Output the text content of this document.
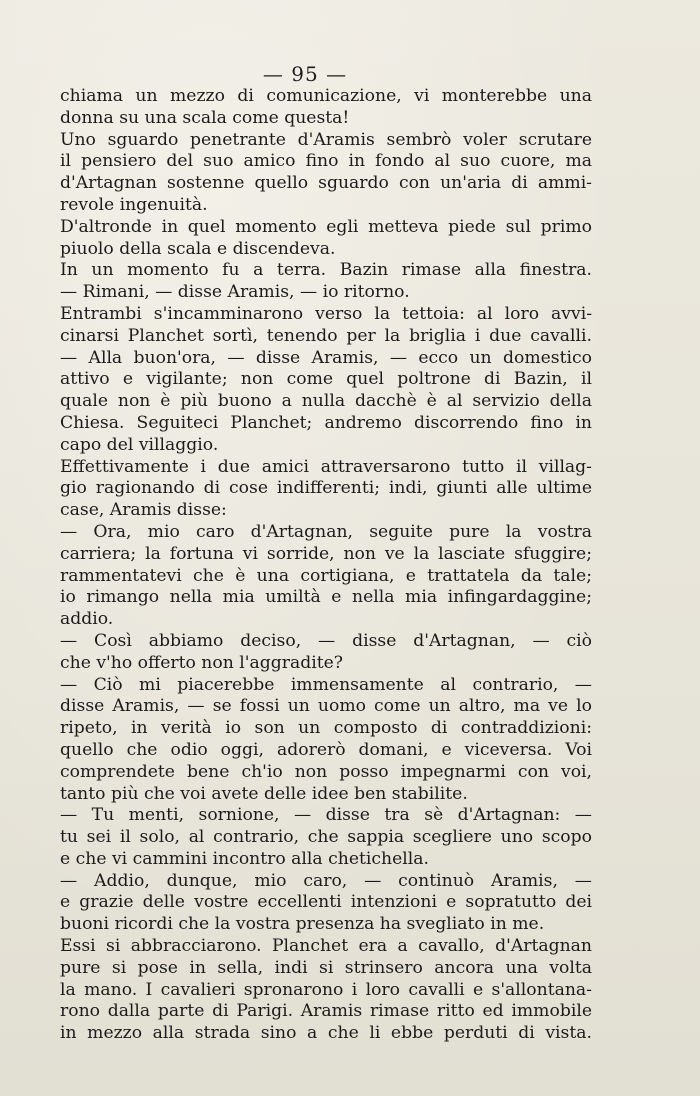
— 95 —
chiama un mezzo di comunicazione, vi monterebbe una
donna su una scala come questa!
Uno sguardo penetrante d'Aramis sembrò voler scrutare
il pensiero del suo amico fino in fondo al suo cuore, ma
d'Artagnan sostenne quello sguardo con un'aria di ammi-
revole ingenuità.
D'altronde in quel momento egli metteva piede sul primo
piuolo della scala e discendeva.
In un momento fu a terra. Bazin rimase alla finestra.
— Rimani, — disse Aramis, — io ritorno.
Entrambi s'incamminarono verso la tettoia: al loro avvi-
cinarsi Planchet sortì, tenendo per la briglia i due cavalli.
— Alla buon'ora, — disse Aramis, — ecco un domestico
attivo e vigilante; non come quel poltrone di Bazin, il
quale non è più buono a nulla dacchè è al servizio della
Chiesa. Seguiteci Planchet; andremo discorrendo fino in
capo del villaggio.
Effettivamente i due amici attraversarono tutto il villag-
gio ragionando di cose indifferenti; indi, giunti alle ultime
case, Aramis disse:
— Ora, mio caro d'Artagnan, seguite pure la vostra
carriera; la fortuna vi sorride, non ve la lasciate sfuggire;
rammentatevi che è una cortigiana, e trattatela da tale;
io rimango nella mia umiltà e nella mia infingardaggine;
addio.
— Così abbiamo deciso, — disse d'Artagnan, — ciò
che v'ho offerto non l'aggradite?
— Ciò mi piacerebbe immensamente al contrario, —
disse Aramis, — se fossi un uomo come un altro, ma ve lo
ripeto, in verità io son un composto di contraddizioni:
quello che odio oggi, adorerò domani, e viceversa. Voi
comprendete bene ch'io non posso impegnarmi con voi,
tanto più che voi avete delle idee ben stabilite.
— Tu menti, sornione, — disse tra sè d'Artagnan: —
tu sei il solo, al contrario, che sappia scegliere uno scopo
e che vi cammini incontro alla chetichella.
— Addio, dunque, mio caro, — continuò Aramis, —
e grazie delle vostre eccellenti intenzioni e sopratutto dei
buoni ricordi che la vostra presenza ha svegliato in me.
Essi si abbracciarono. Planchet era a cavallo, d'Artagnan
pure si pose in sella, indi si strinsero ancora una volta
la mano. I cavalieri spronarono i loro cavalli e s'allontana-
rono dalla parte di Parigi. Aramis rimase ritto ed immobile
in mezzo alla strada sino a che li ebbe perduti di vista.
